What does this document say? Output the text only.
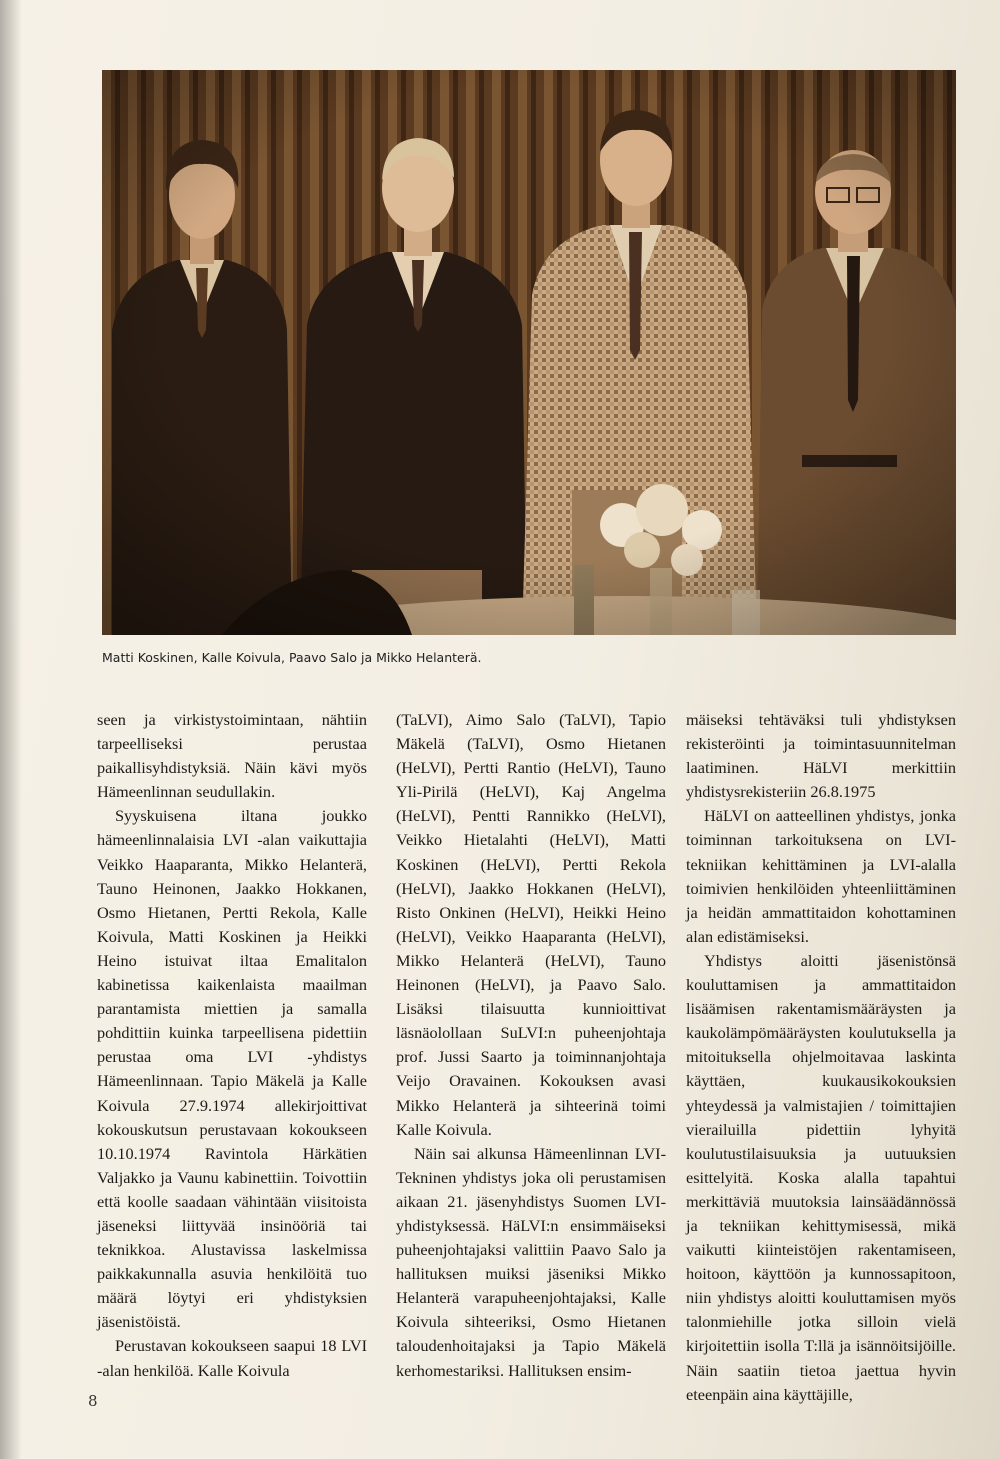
Matti Koskinen, Kalle Koivula, Paavo Salo ja Mikko Helanterä.

seen ja virkistystoimintaan, nähtiin tarpeelliseksi perustaa paikallisyhdistyksiä. Näin kävi myös Hämeenlinnan seudullakin.

Syyskuisena iltana joukko hämeenlinnalaisia LVI -alan vaikuttajia Veikko Haaparanta, Mikko Helanterä, Tauno Heinonen, Jaakko Hokkanen, Osmo Hietanen, Pertti Rekola, Kalle Koivula, Matti Koskinen ja Heikki Heino istuivat iltaa Emalitalon kabinetissa kaikenlaista maailman parantamista miettien ja samalla pohdittiin kuinka tarpeellisena pidettiin perustaa oma LVI -yhdistys Hämeenlinnaan. Tapio Mäkelä ja Kalle Koivula 27.9.1974 allekirjoittivat kokouskutsun perustavaan kokoukseen 10.10.1974 Ravintola Härkätien Valjakko ja Vaunu kabinettiin. Toivottiin että koolle saadaan vähintään viisitoista jäseneksi liittyvää insinööriä tai teknikkoa. Alustavissa laskelmissa paikkakunnalla asuvia henkilöitä tuo määrä löytyi eri yhdistyksien jäsenistöistä.

Perustavan kokoukseen saapui 18 LVI -alan henkilöä. Kalle Koivula

(TaLVI), Aimo Salo (TaLVI), Tapio Mäkelä (TaLVI), Osmo Hietanen (HeLVI), Pertti Rantio (HeLVI), Tauno Yli-Pirilä (HeLVI), Kaj Angelma (HeLVI), Pentti Rannikko (HeLVI), Veikko Hietalahti (HeLVI), Matti Koskinen (HeLVI), Pertti Rekola (HeLVI), Jaakko Hokkanen (HeLVI), Risto Onkinen (HeLVI), Heikki Heino (HeLVI), Veikko Haaparanta (HeLVI), Mikko Helanterä (HeLVI), Tauno Heinonen (HeLVI), ja Paavo Salo. Lisäksi tilaisuutta kunnioittivat läsnäolollaan SuLVI:n puheenjohtaja prof. Jussi Saarto ja toiminnanjohtaja Veijo Oravainen. Kokouksen avasi Mikko Helanterä ja sihteerinä toimi Kalle Koivula.

Näin sai alkunsa Hämeenlinnan LVI-Tekninen yhdistys joka oli perustamisen aikaan 21. jäsenyhdistys Suomen LVI-yhdistyksessä. HäLVI:n ensimmäiseksi puheenjohtajaksi valittiin Paavo Salo ja hallituksen muiksi jäseniksi Mikko Helanterä varapuheenjohtajaksi, Kalle Koivula sihteeriksi, Osmo Hietanen taloudenhoitajaksi ja Tapio Mäkelä kerhomestariksi. Hallituksen ensim-

mäiseksi tehtäväksi tuli yhdistyksen rekisteröinti ja toimintasuunnitelman laatiminen. HäLVI merkittiin yhdistysrekisteriin 26.8.1975

HäLVI on aatteellinen yhdistys, jonka toiminnan tarkoituksena on LVI- tekniikan kehittäminen ja LVI-alalla toimivien henkilöiden yhteenliittäminen ja heidän ammattitaidon kohottaminen alan edistämiseksi.

Yhdistys aloitti jäsenistönsä kouluttamisen ja ammattitaidon lisäämisen rakentamismääräysten ja kaukolämpömääräysten koulutuksella ja mitoituksella ohjelmoitavaa laskinta käyttäen, kuukausikokouksien yhteydessä ja valmistajien / toimittajien vierailuilla pidettiin lyhyitä koulutustilaisuuksia ja uutuuksien esittelyitä. Koska alalla tapahtui merkittäviä muutoksia lainsäädännössä ja tekniikan kehittymisessä, mikä vaikutti kiinteistöjen rakentamiseen, hoitoon, käyttöön ja kunnossapitoon, niin yhdistys aloitti kouluttamisen myös talonmiehille jotka silloin vielä kirjoitettiin isolla T:llä ja isännöitsijöille. Näin saatiin tietoa jaettua hyvin eteenpäin aina käyttäjille,

8
